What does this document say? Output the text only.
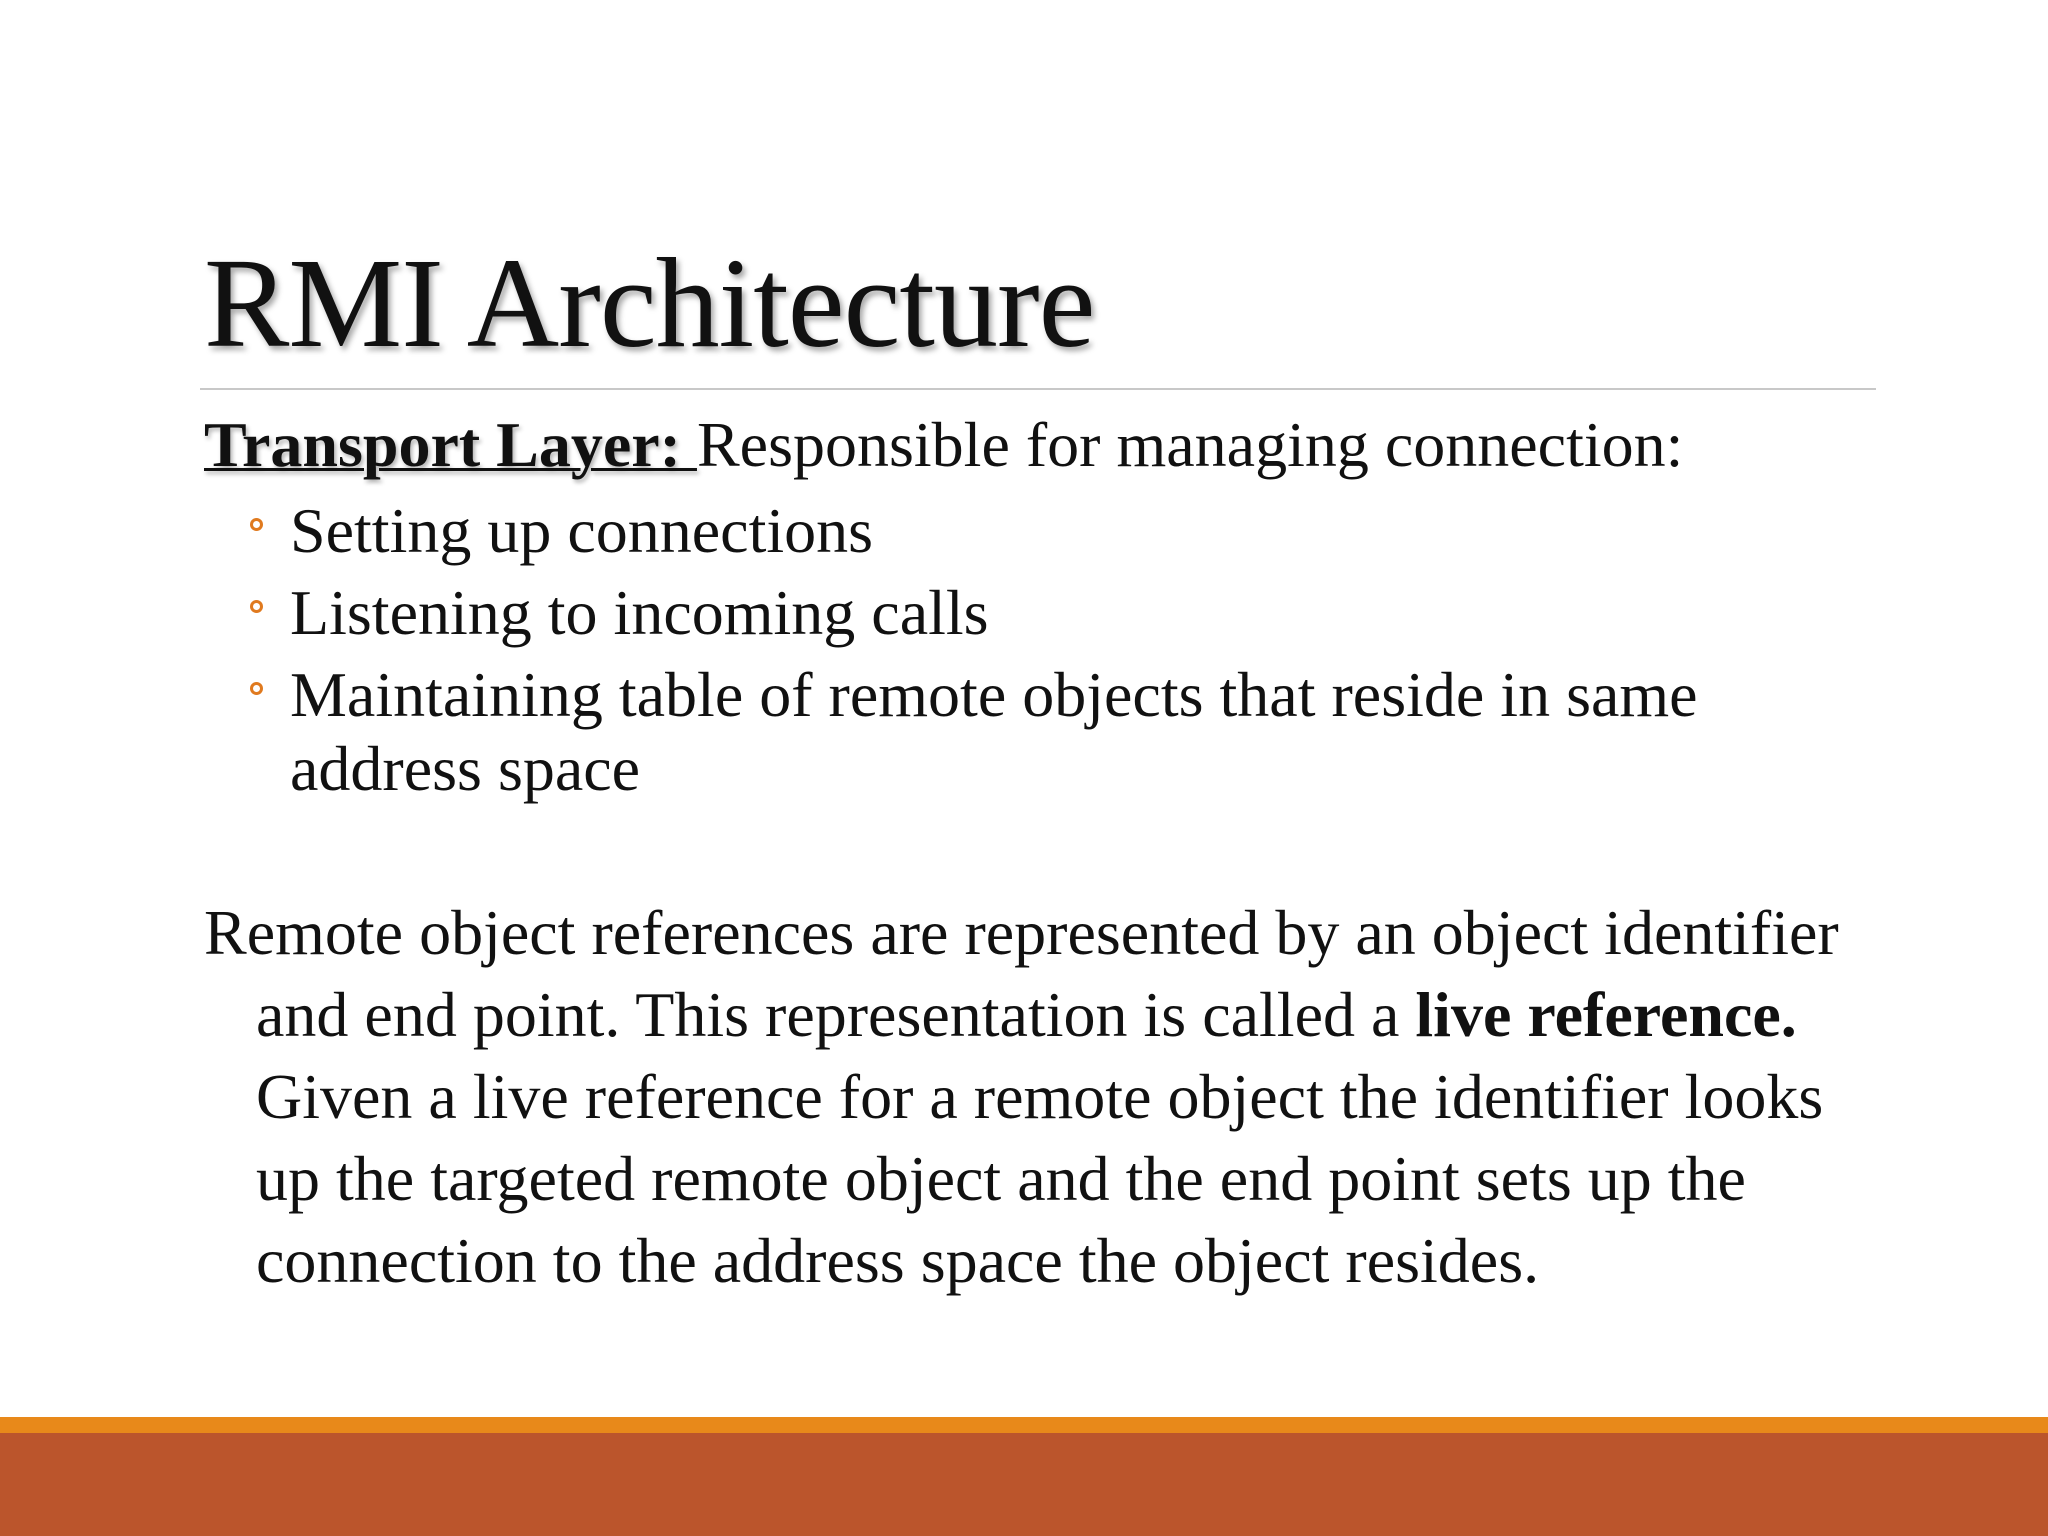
RMI Architecture

Transport Layer: Responsible for managing connection:

Setting up connections
Listening to incoming calls
Maintaining table of remote objects that reside in same address space

Remote object references are represented by an object identifier and end point. This representation is called a live reference. Given a live reference for a remote object the identifier looks up the targeted remote object and the end point sets up the connection to the address space the object resides.
